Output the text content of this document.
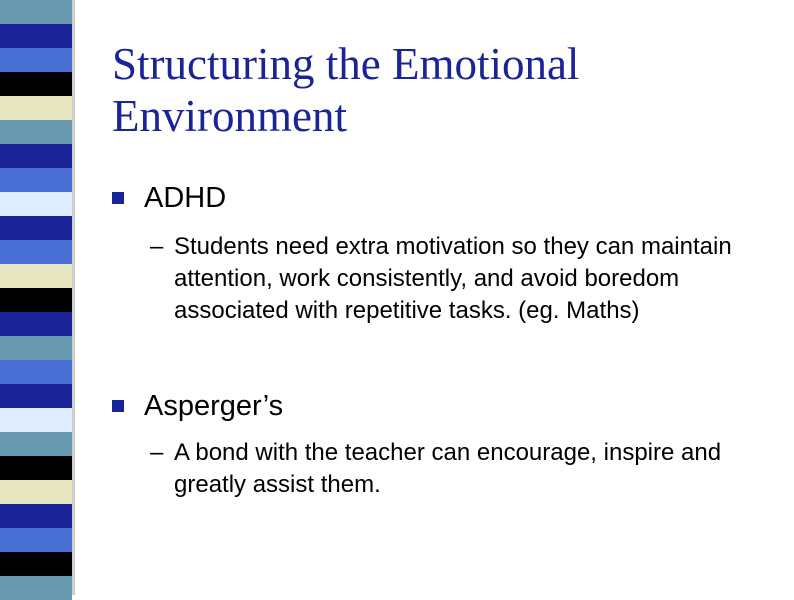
Structuring the Emotional
Environment
ADHD
– Students need extra motivation so they can maintain attention, work consistently, and avoid boredom associated with repetitive tasks. (eg. Maths)
Asperger’s
– A bond with the teacher can encourage, inspire and greatly assist them.
